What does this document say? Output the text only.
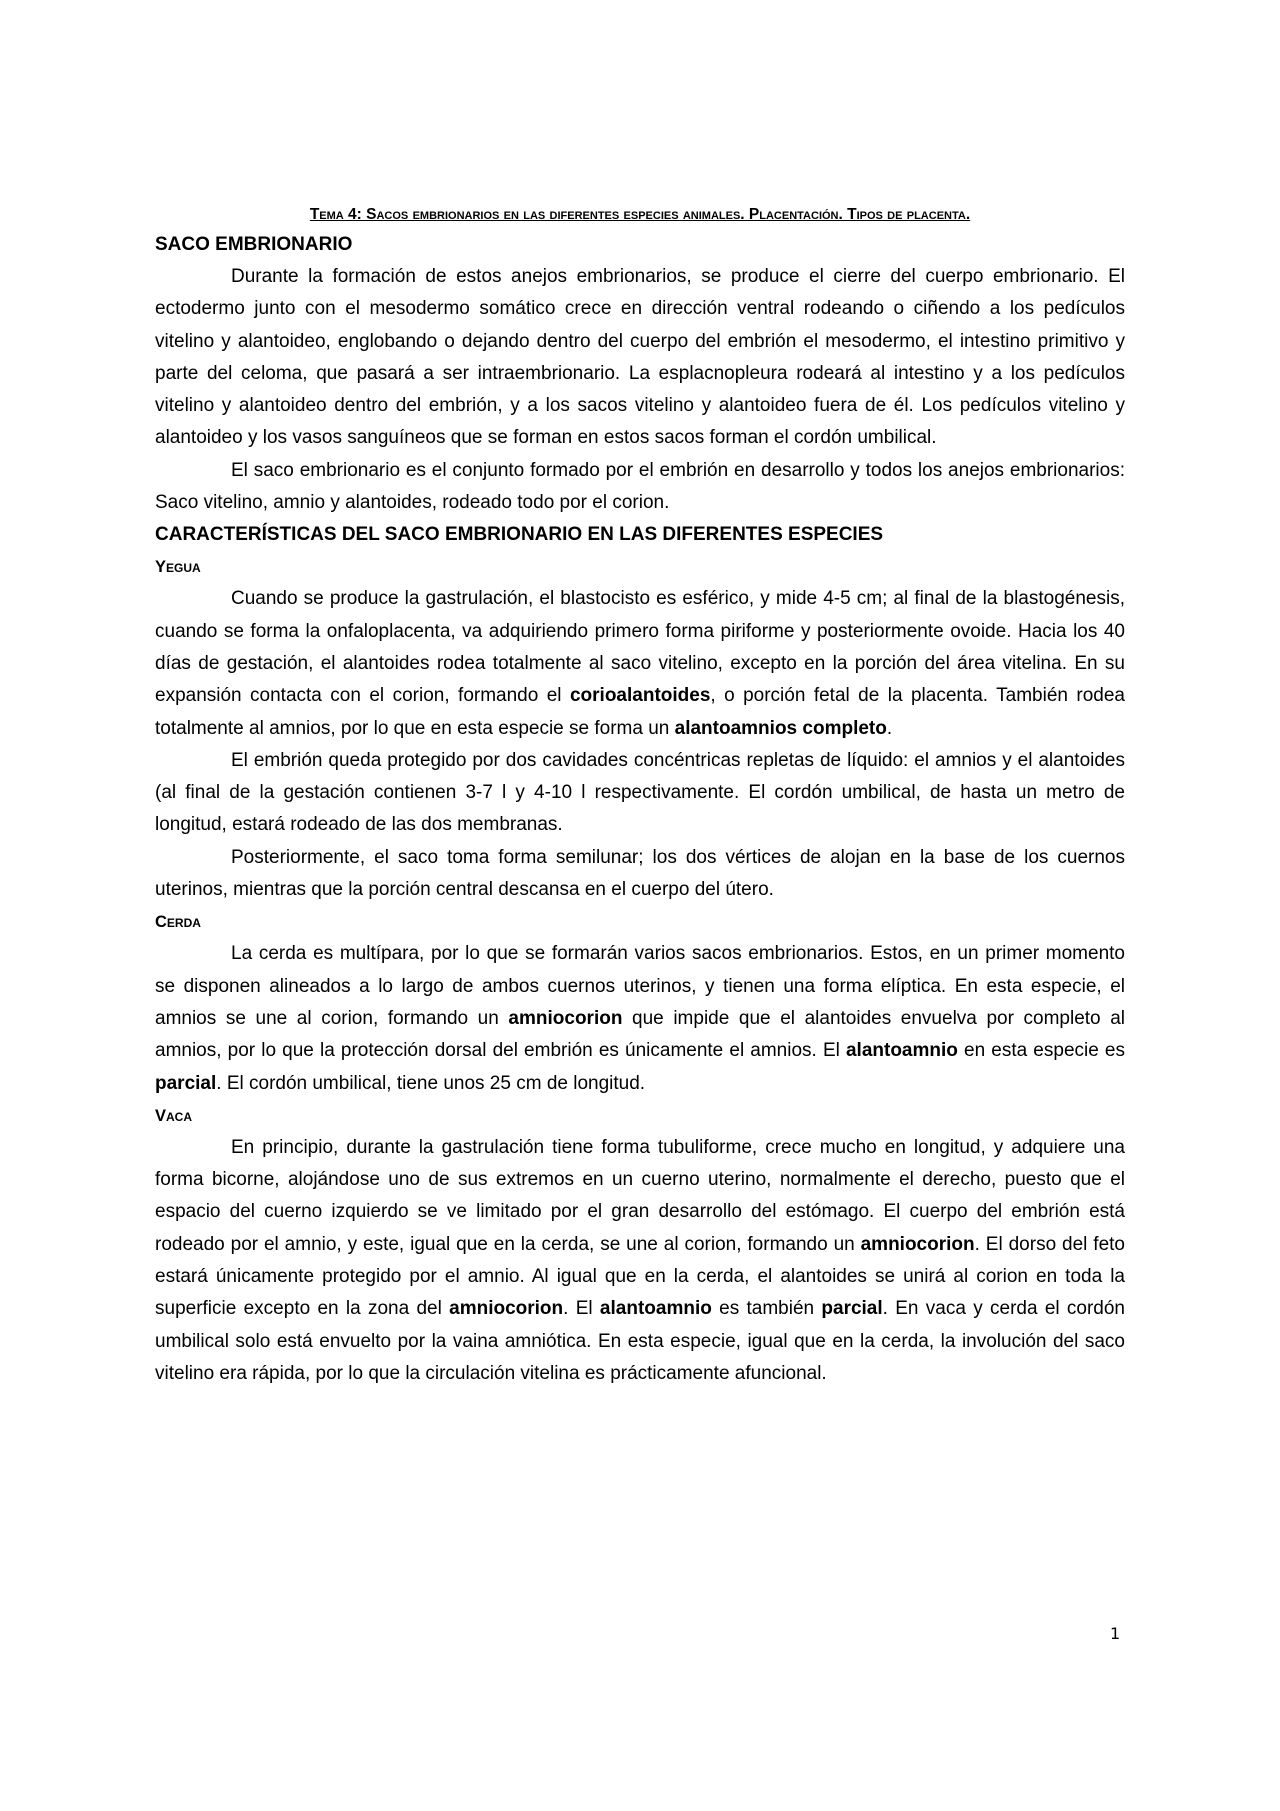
Tema 4: Sacos embrionarios en las diferentes especies animales. Placentación. Tipos de placenta.

SACO EMBRIONARIO

Durante la formación de estos anejos embrionarios, se produce el cierre del cuerpo embrionario. El ectodermo junto con el mesodermo somático crece en dirección ventral rodeando o ciñendo a los pedículos vitelino y alantoideo, englobando o dejando dentro del cuerpo del embrión el mesodermo, el intestino primitivo y parte del celoma, que pasará a ser intraembrionario. La esplacnopleura rodeará al intestino y a los pedículos vitelino y alantoideo dentro del embrión, y a los sacos vitelino y alantoideo fuera de él. Los pedículos vitelino y alantoideo y los vasos sanguíneos que se forman en estos sacos forman el cordón umbilical.

El saco embrionario es el conjunto formado por el embrión en desarrollo y todos los anejos embrionarios: Saco vitelino, amnio y alantoides, rodeado todo por el corion.

CARACTERÍSTICAS DEL SACO EMBRIONARIO EN LAS DIFERENTES ESPECIES

Yegua

Cuando se produce la gastrulación, el blastocisto es esférico, y mide 4-5 cm; al final de la blastogénesis, cuando se forma la onfaloplacenta, va adquiriendo primero forma piriforme y posteriormente ovoide. Hacia los 40 días de gestación, el alantoides rodea totalmente al saco vitelino, excepto en la porción del área vitelina. En su expansión contacta con el corion, formando el corioalantoides, o porción fetal de la placenta. También rodea totalmente al amnios, por lo que en esta especie se forma un alantoamnios completo.

El embrión queda protegido por dos cavidades concéntricas repletas de líquido: el amnios y el alantoides (al final de la gestación contienen 3-7 l y 4-10 l respectivamente. El cordón umbilical, de hasta un metro de longitud, estará rodeado de las dos membranas.

Posteriormente, el saco toma forma semilunar; los dos vértices de alojan en la base de los cuernos uterinos, mientras que la porción central descansa en el cuerpo del útero.

Cerda

La cerda es multípara, por lo que se formarán varios sacos embrionarios. Estos, en un primer momento se disponen alineados a lo largo de ambos cuernos uterinos, y tienen una forma elíptica. En esta especie, el amnios se une al corion, formando un amniocorion que impide que el alantoides envuelva por completo al amnios, por lo que la protección dorsal del embrión es únicamente el amnios. El alantoamnio en esta especie es parcial. El cordón umbilical, tiene unos 25 cm de longitud.

Vaca

En principio, durante la gastrulación tiene forma tubuliforme, crece mucho en longitud, y adquiere una forma bicorne, alojándose uno de sus extremos en un cuerno uterino, normalmente el derecho, puesto que el espacio del cuerno izquierdo se ve limitado por el gran desarrollo del estómago. El cuerpo del embrión está rodeado por el amnio, y este, igual que en la cerda, se une al corion, formando un amniocorion. El dorso del feto estará únicamente protegido por el amnio. Al igual que en la cerda, el alantoides se unirá al corion en toda la superficie excepto en la zona del amniocorion. El alantoamnio es también parcial. En vaca y cerda el cordón umbilical solo está envuelto por la vaina amniótica. En esta especie, igual que en la cerda, la involución del saco vitelino era rápida, por lo que la circulación vitelina es prácticamente afuncional.

1
